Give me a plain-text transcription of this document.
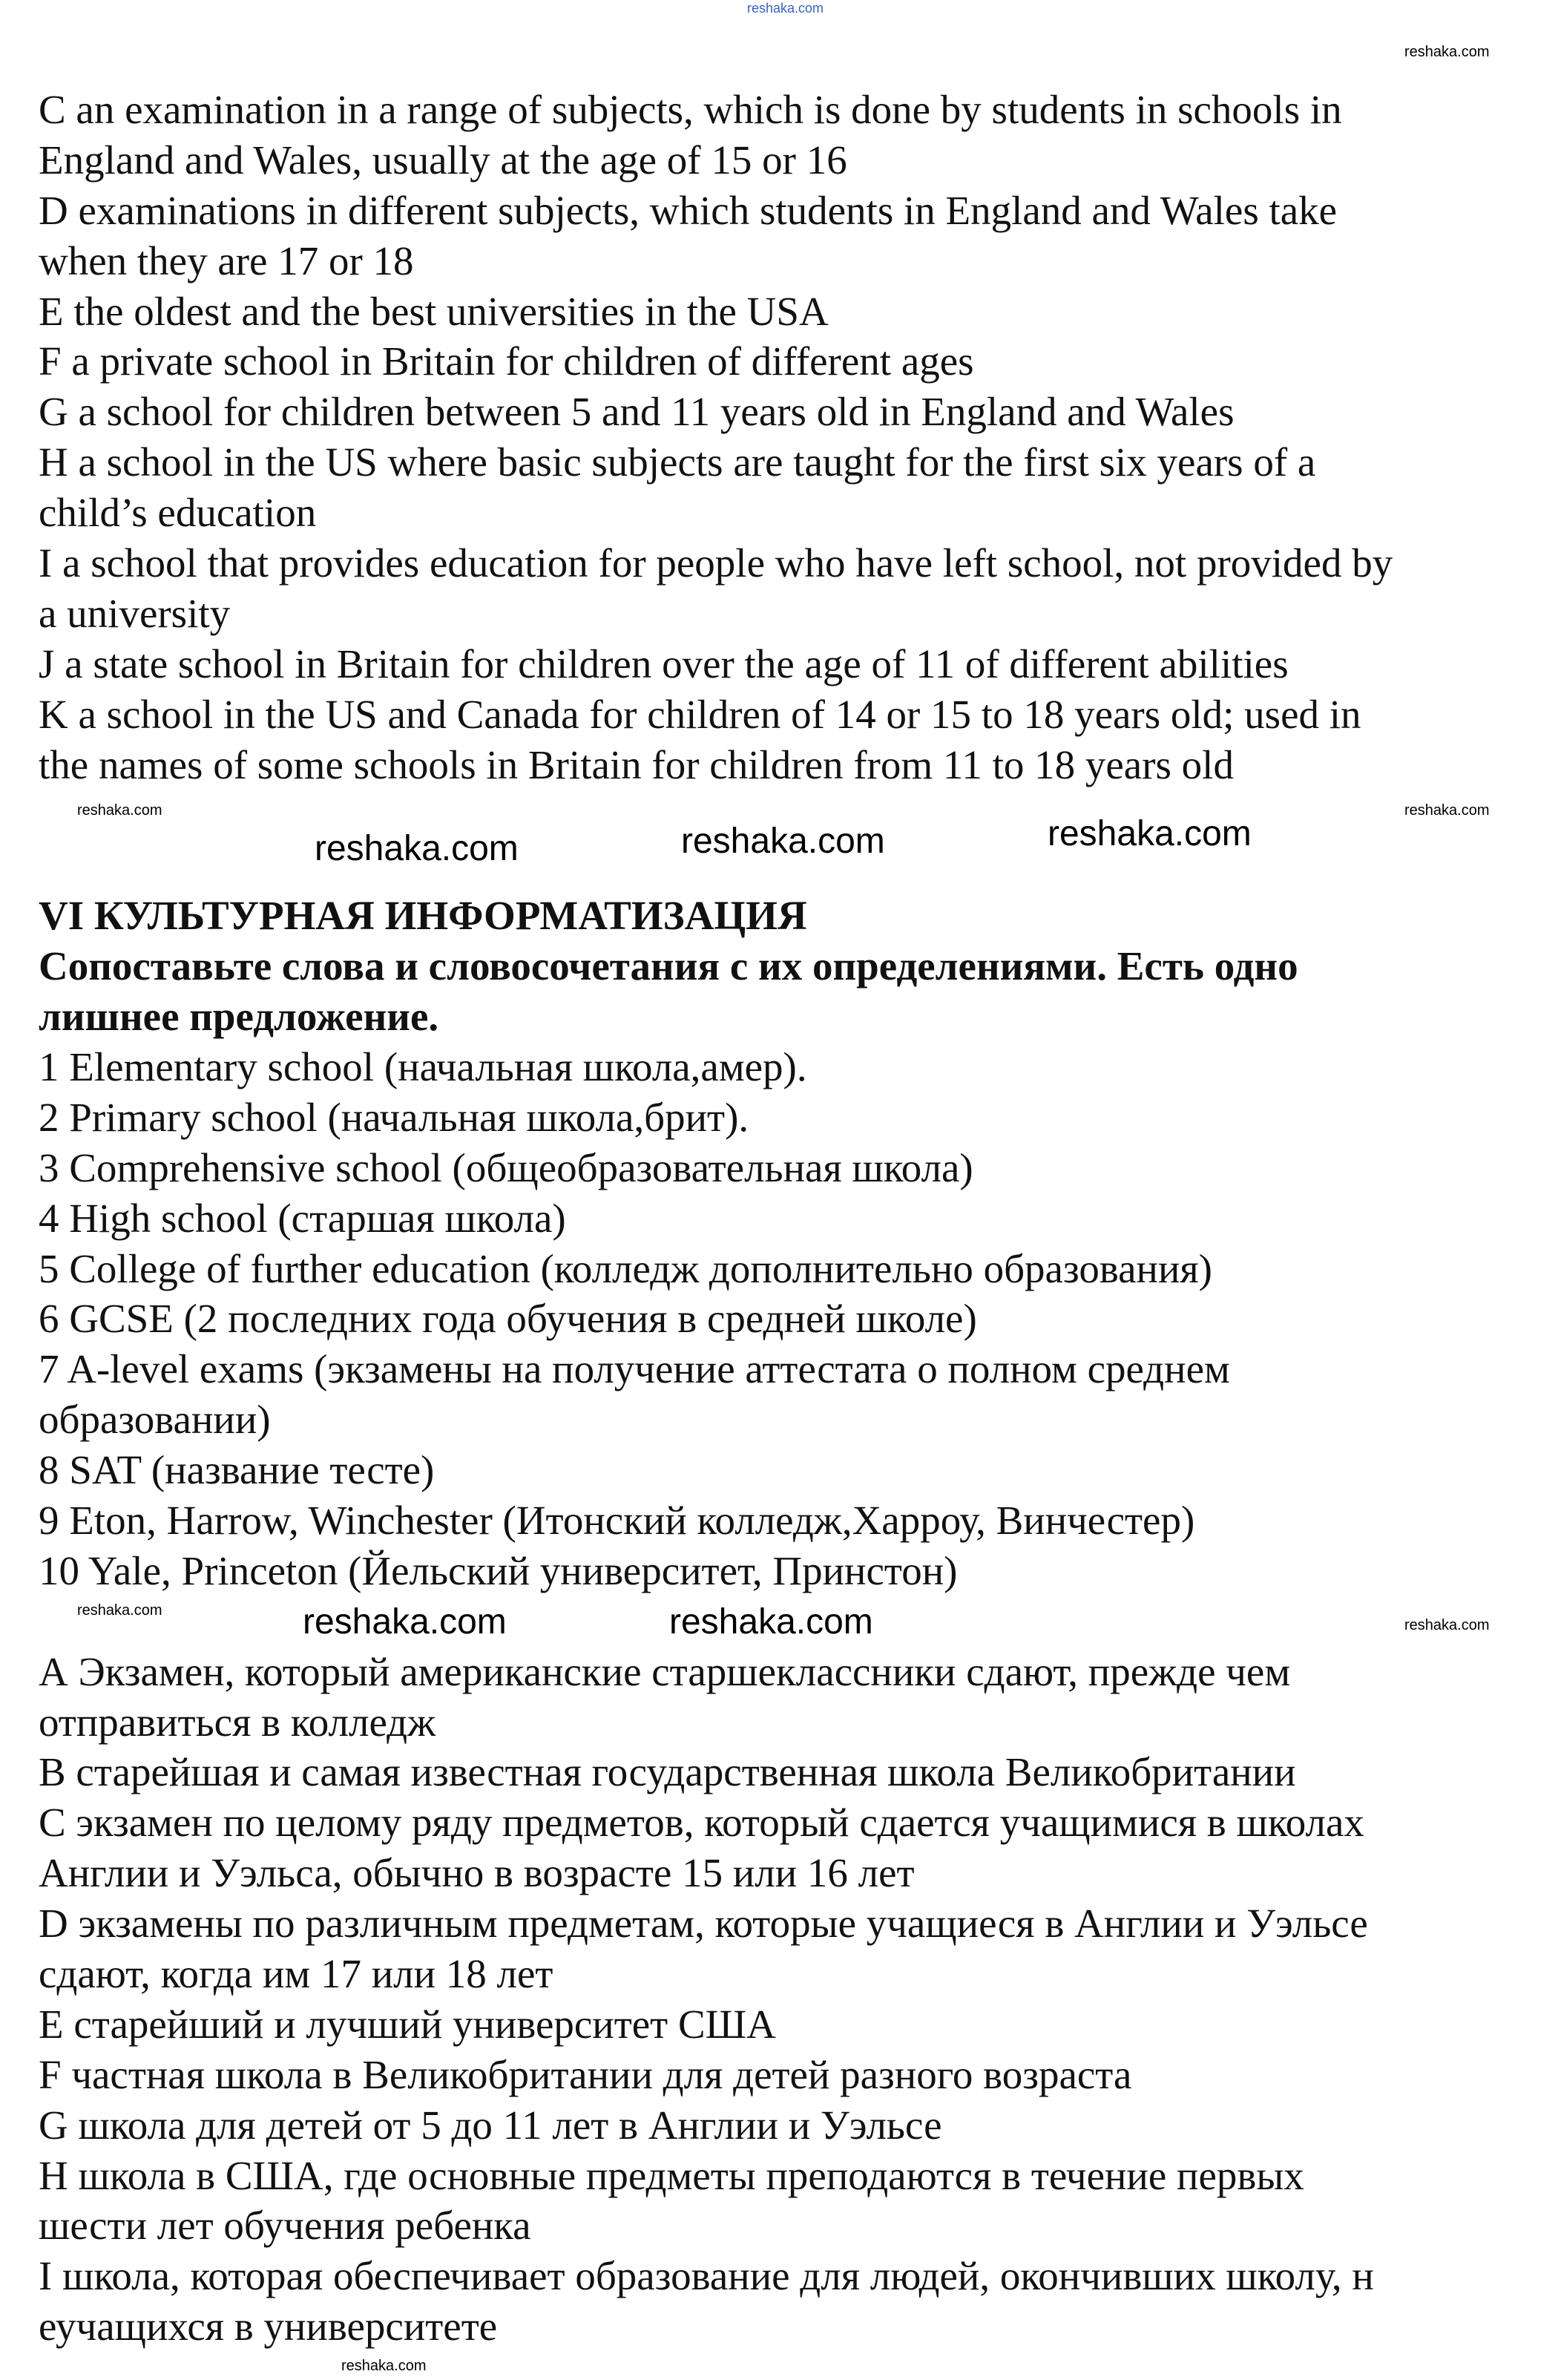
C an examination in a range of subjects, which is done by students in schools in
England and Wales, usually at the age of 15 or 16
D examinations in different subjects, which students in England and Wales take
when they are 17 or 18
E the oldest and the best universities in the USA
F a private school in Britain for children of different ages
G a school for children between 5 and 11 years old in England and Wales
H a school in the US where basic subjects are taught for the first six years of a
child’s education
I a school that provides education for people who have left school, not provided by
a university
J a state school in Britain for children over the age of 11 of different abilities
K a school in the US and Canada for children of 14 or 15 to 18 years old; used in
the names of some schools in Britain for children from 11 to 18 years old
VI КУЛЬТУРНАЯ ИНФОРМАТИЗАЦИЯ
Сопоставьте слова и словосочетания с их определениями. Есть одно
лишнее предложение.
1 Elementary school (начальная школа,амер).
2 Primary school (начальная школа,брит).
3 Comprehensive school (общеобразовательная школа)
4 High school (старшая школа)
5 College of further education (колледж дополнительно образования)
6 GCSE (2 последних года обучения в средней школе)
7 A-level exams (экзамены на получение аттестата о полном среднем
образовании)
8 SAT (название тесте)
9 Eton, Harrow, Winchester (Итонский колледж,Харроу, Винчестер)
10 Yale, Princeton (Йельский университет, Принстон)
А Экзамен, который американские старшеклассники сдают, прежде чем
отправиться в колледж
B старейшая и самая известная государственная школа Великобритании
C экзамен по целому ряду предметов, который сдается учащимися в школах
Англии и Уэльса, обычно в возрасте 15 или 16 лет
D экзамены по различным предметам, которые учащиеся в Англии и Уэльсе
сдают, когда им 17 или 18 лет
E старейший и лучший университет США
F частная школа в Великобритании для детей разного возраста
G школа для детей от 5 до 11 лет в Англии и Уэльсе
H школа в США, где основные предметы преподаются в течение первых
шести лет обучения ребенка
I школа, которая обеспечивает образование для людей, окончивших школу, н
еучащихся в университете
reshaka.com
reshaka.com
reshaka.com
reshaka.com	reshaka.com	reshaka.com
reshaka.com
reshaka.com	reshaka.com	reshaka.com	reshaka.com
reshaka.com
